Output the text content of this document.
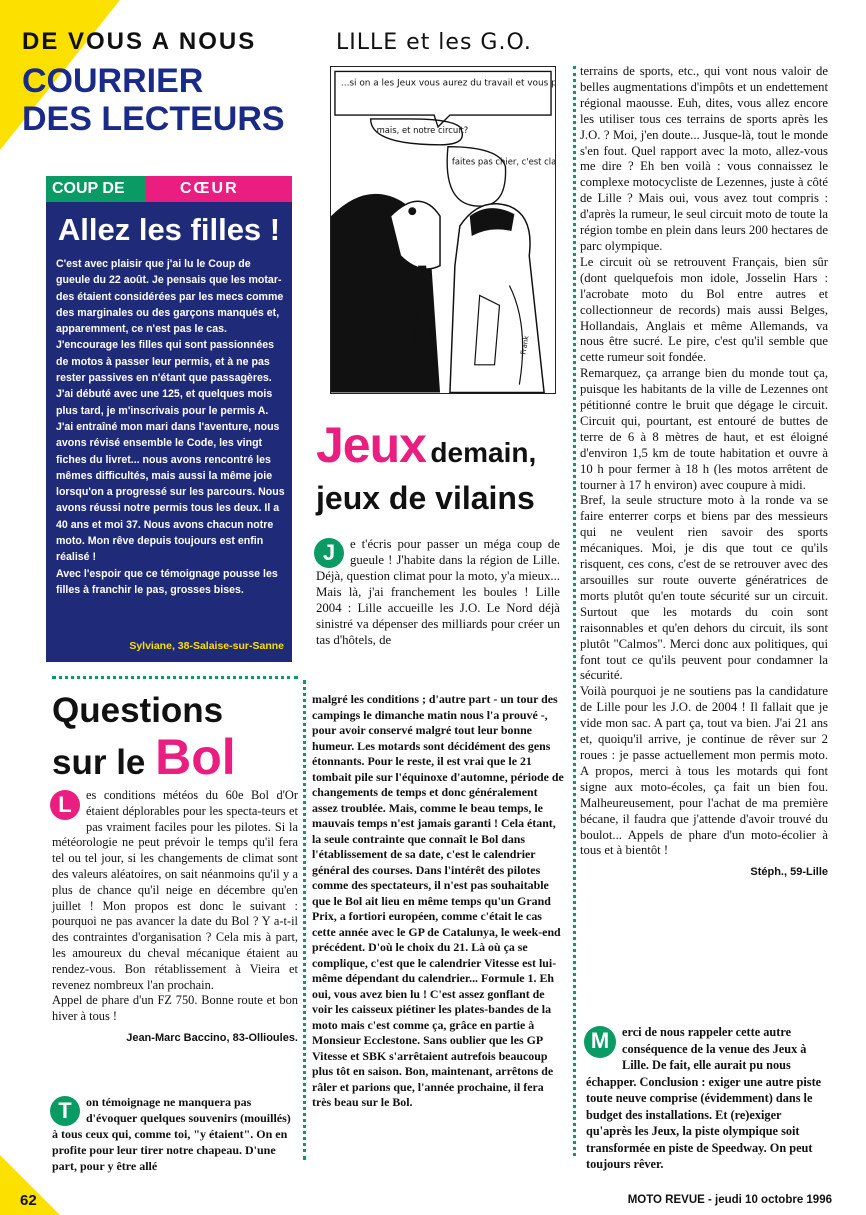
DE VOUS A NOUS
COURRIER
DES LECTEURS
COUP DE	CŒUR
Allez les filles !

C'est avec plaisir que j'ai lu le Coup de gueule du 22 août. Je pensais que les motar-des étaient considérées par les mecs comme des marginales ou des garçons manqués et, apparemment, ce n'est pas le cas.

J'encourage les filles qui sont passionnées de motos à passer leur permis, et à ne pas rester passives en n'étant que passagères. J'ai débuté avec une 125, et quelques mois plus tard, je m'inscrivais pour le permis A. J'ai entraîné mon mari dans l'aventure, nous avons révisé ensemble le Code, les vingt fiches du livret... nous avons rencontré les mêmes difficultés, mais aussi la même joie lorsqu'on a progressé sur les parcours. Nous avons réussi notre permis tous les deux. Il a 40 ans et moi 37. Nous avons chacun notre moto. Mon rêve depuis toujours est enfin réalisé !

Avec l'espoir que ce témoignage pousse les filles à franchir le pas, grosses bises.

Sylviane, 38-Salaise-sur-Sanne
LILLE et les G.O.
...si on a les Jeux vous aurez du travail et vous p
mais, et notre circuit?
faites pas chier, c'est cla
Frank
Jeux demain,
jeux de vilains
J	e t'écris pour passer un méga coup de gueule ! J'habite dans la région de Lille. Déjà, question climat pour la moto, y'a mieux... Mais là, j'ai franchement les boules ! Lille 2004 : Lille accueille les J.O. Le Nord déjà sinistré va dépenser des milliards pour créer un tas d'hôtels, de

terrains de sports, etc., qui vont nous valoir de belles augmentations d'impôts et un endettement régional maousse. Euh, dites, vous allez encore les utiliser tous ces terrains de sports après les J.O. ? Moi, j'en doute... Jusque-là, tout le monde s'en fout. Quel rapport avec la moto, allez-vous me dire ? Eh ben voilà : vous connaissez le complexe motocycliste de Lezennes, juste à côté de Lille ? Mais oui, vous avez tout compris : d'après la rumeur, le seul circuit moto de toute la région tombe en plein dans leurs 200 hectares de parc olympique.

Le circuit où se retrouvent Français, bien sûr (dont quelquefois mon idole, Josselin Hars : l'acrobate moto du Bol entre autres et collectionneur de records) mais aussi Belges, Hollandais, Anglais et même Allemands, va nous être sucré. Le pire, c'est qu'il semble que cette rumeur soit fondée.

Remarquez, ça arrange bien du monde tout ça, puisque les habitants de la ville de Lezennes ont pétitionné contre le bruit que dégage le circuit. Circuit qui, pourtant, est entouré de buttes de terre de 6 à 8 mètres de haut, et est éloigné d'environ 1,5 km de toute habitation et ouvre à 10 h pour fermer à 18 h (les motos arrêtent de tourner à 17 h environ) avec coupure à midi.

Bref, la seule structure moto à la ronde va se faire enterrer corps et biens par des messieurs qui ne veulent rien savoir des sports mécaniques. Moi, je dis que tout ce qu'ils risquent, ces cons, c'est de se retrouver avec des arsouilles sur route ouverte génératrices de morts plutôt qu'en toute sécurité sur un circuit. Surtout que les motards du coin sont raisonnables et qu'en dehors du circuit, ils sont plutôt "Calmos". Merci donc aux politiques, qui font tout ce qu'ils peuvent pour condamner la sécurité.

Voilà pourquoi je ne soutiens pas la candidature de Lille pour les J.O. de 2004 ! Il fallait que je vide mon sac. A part ça, tout va bien. J'ai 21 ans et, quoiqu'il arrive, je continue de rêver sur 2 roues : je passe actuellement mon permis moto. A propos, merci à tous les motards qui font signe aux moto-écoles, ça fait un bien fou. Malheureusement, pour l'achat de ma première bécane, il faudra que j'attende d'avoir trouvé du boulot... Appels de phare d'un moto-écolier à tous et à bientôt !

Stéph., 59-Lille
M	erci de nous rappeler cette autre conséquence de la venue des Jeux à Lille. De fait, elle aurait pu nous échapper. Conclusion : exiger une autre piste toute neuve comprise (évidemment) dans le budget des installations. Et (re)exiger qu'après les Jeux, la piste olympique soit transformée en piste de Speedway. On peut toujours rêver.
Questions
sur le Bol
L	es conditions météos du 60e Bol d'Or étaient déplorables pour les specta-teurs et pas vraiment faciles pour les pilotes. Si la météorologie ne peut prévoir le temps qu'il fera tel ou tel jour, si les changements de climat sont des valeurs aléatoires, on sait néanmoins qu'il y a plus de chance qu'il neige en décembre qu'en juillet ! Mon propos est donc le suivant : pourquoi ne pas avancer la date du Bol ? Y a-t-il des contraintes d'organisation ? Cela mis à part, les amoureux du cheval mécanique étaient au rendez-vous. Bon rétablissement à Vieira et revenez nombreux l'an prochain.

Appel de phare d'un FZ 750. Bonne route et bon hiver à tous !

Jean-Marc Baccino, 83-Ollioules.
T	on témoignage ne manquera pas d'évoquer quelques souvenirs (mouillés) à tous ceux qui, comme toi, "y étaient". On en profite pour leur tirer notre chapeau. D'une part, pour y être allé
malgré les conditions ; d'autre part - un tour des campings le dimanche matin nous l'a prouvé -, pour avoir conservé malgré tout leur bonne humeur. Les motards sont décidément des gens étonnants. Pour le reste, il est vrai que le 21 tombait pile sur l'équinoxe d'automne, période de changements de temps et donc généralement assez troublée. Mais, comme le beau temps, le mauvais temps n'est jamais garanti ! Cela étant, la seule contrainte que connaît le Bol dans l'établissement de sa date, c'est le calendrier général des courses. Dans l'intérêt des pilotes comme des spectateurs, il n'est pas souhaitable que le Bol ait lieu en même temps qu'un Grand Prix, a fortiori européen, comme c'était le cas cette année avec le GP de Catalunya, le week-end précédent. D'où le choix du 21. Là où ça se complique, c'est que le calendrier Vitesse est lui-même dépendant du calendrier... Formule 1. Eh oui, vous avez bien lu ! C'est assez gonflant de voir les caisseux piétiner les plates-bandes de la moto mais c'est comme ça, grâce en partie à Monsieur Ecclestone. Sans oublier que les GP Vitesse et SBK s'arrêtaient autrefois beaucoup plus tôt en saison. Bon, maintenant, arrêtons de râler et parions que, l'année prochaine, il fera très beau sur le Bol.
62	MOTO REVUE - jeudi 10 octobre 1996
